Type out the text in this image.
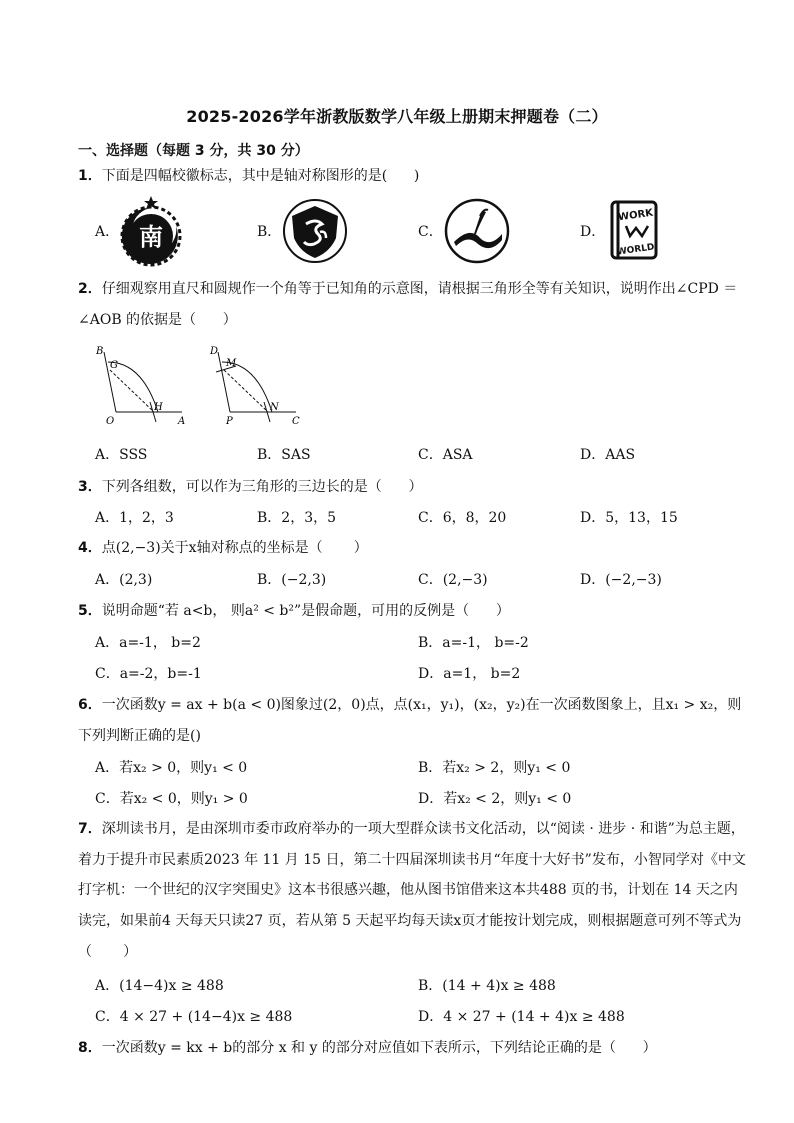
2025-2026学年浙教版数学八年级上册期末押题卷（二）
一、选择题（每题 3 分，共 30 分）
1．下面是四幅校徽标志，其中是轴对称图形的是(      )
A． 南	B．	C．	D．
WORK
WORLD
2．仔细观察用直尺和圆规作一个角等于已知角的示意图，请根据三角形全等有关知识，说明作出∠CPD ＝ ∠AOB 的依据是（      ）
B
G
O
H
A
D
M
P
N
C
A．SSS	B．SAS	C．ASA	D．AAS
3．下列各组数，可以作为三角形的三边长的是（      ）
A．1，2，3	B．2，3，5	C．6，8，20	D．5，13，15
4．点(2,−3)关于x轴对称点的坐标是（       ）
A．(2,3)	B．(−2,3)	C．(2,−3)	D．(−2,−3)
5．说明命题“若 a<b， 则a² < b²”是假命题，可用的反例是（      ）
A．a=-1， b=2	B．a=-1， b=-2
C．a=-2，b=-1	D．a=1， b=2
6．一次函数y = ax + b(a < 0)图象过(2，0)点，点(x₁，y₁)，(x₂，y₂)在一次函数图象上，且x₁ > x₂，则下列判断正确的是()
A．若x₂ > 0，则y₁ < 0	B．若x₂ > 2，则y₁ < 0
C．若x₂ < 0，则y₁ > 0	D．若x₂ < 2，则y₁ < 0
7．深圳读书月，是由深圳市委市政府举办的一项大型群众读书文化活动，以“阅读 · 进步 · 和谐”为总主题，着力于提升市民素质2023 年 11 月 15 日，第二十四届深圳读书月“年度十大好书”发布，小智同学对《中文打字机：一个世纪的汉字突围史》这本书很感兴趣，他从图书馆借来这本共488 页的书，计划在 14 天之内读完，如果前4 天每天只读27 页，若从第 5 天起平均每天读x页才能按计划完成，则根据题意可列不等式为（       ）
A．(14−4)x ≥ 488	B．(14 + 4)x ≥ 488
C．4 × 27 + (14−4)x ≥ 488	D．4 × 27 + (14 + 4)x ≥ 488
8．一次函数y = kx + b的部分 x 和 y 的部分对应值如下表所示，下列结论正确的是（      ）
